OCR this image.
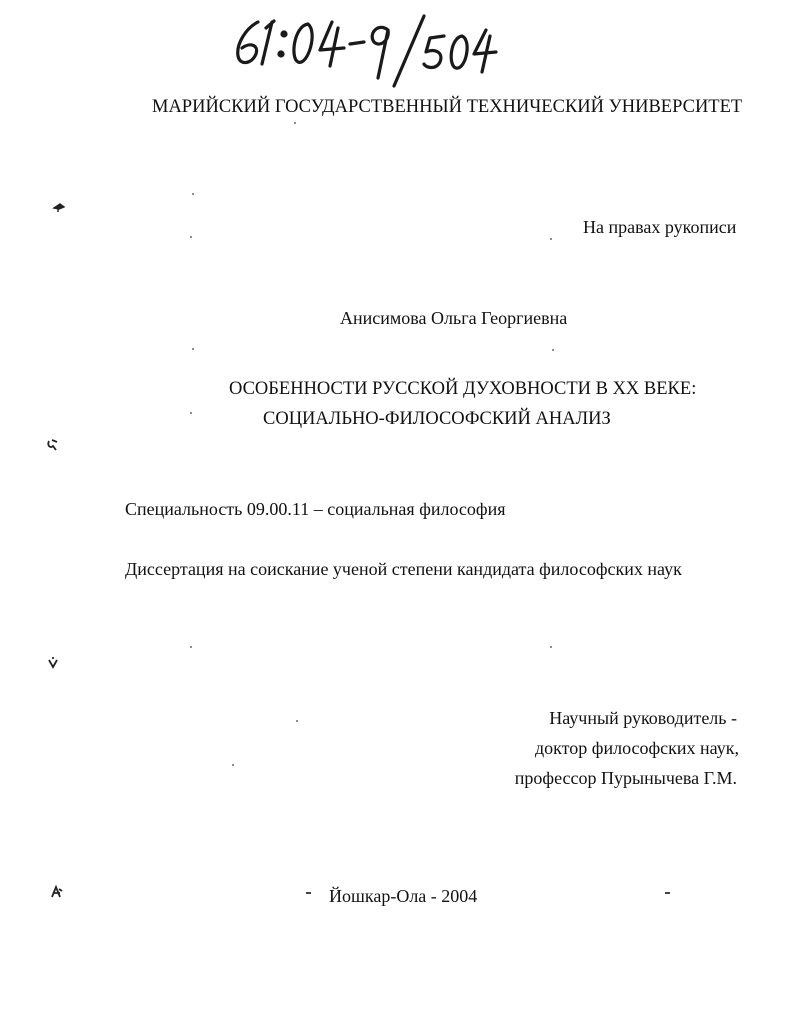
МАРИЙСКИЙ ГОСУДАРСТВЕННЫЙ ТЕХНИЧЕСКИЙ УНИВЕРСИТЕТ

На правах рукописи

Анисимова Ольга Георгиевна

ОСОБЕННОСТИ РУССКОЙ ДУХОВНОСТИ В XX ВЕКЕ:

СОЦИАЛЬНО-ФИЛОСОФСКИЙ АНАЛИЗ

Специальность 09.00.11 – социальная философия

Диссертация на соискание ученой степени кандидата философских наук

Научный руководитель -

доктор философских наук,

профессор Пурынычева Г.М.

Йошкар-Ола - 2004
